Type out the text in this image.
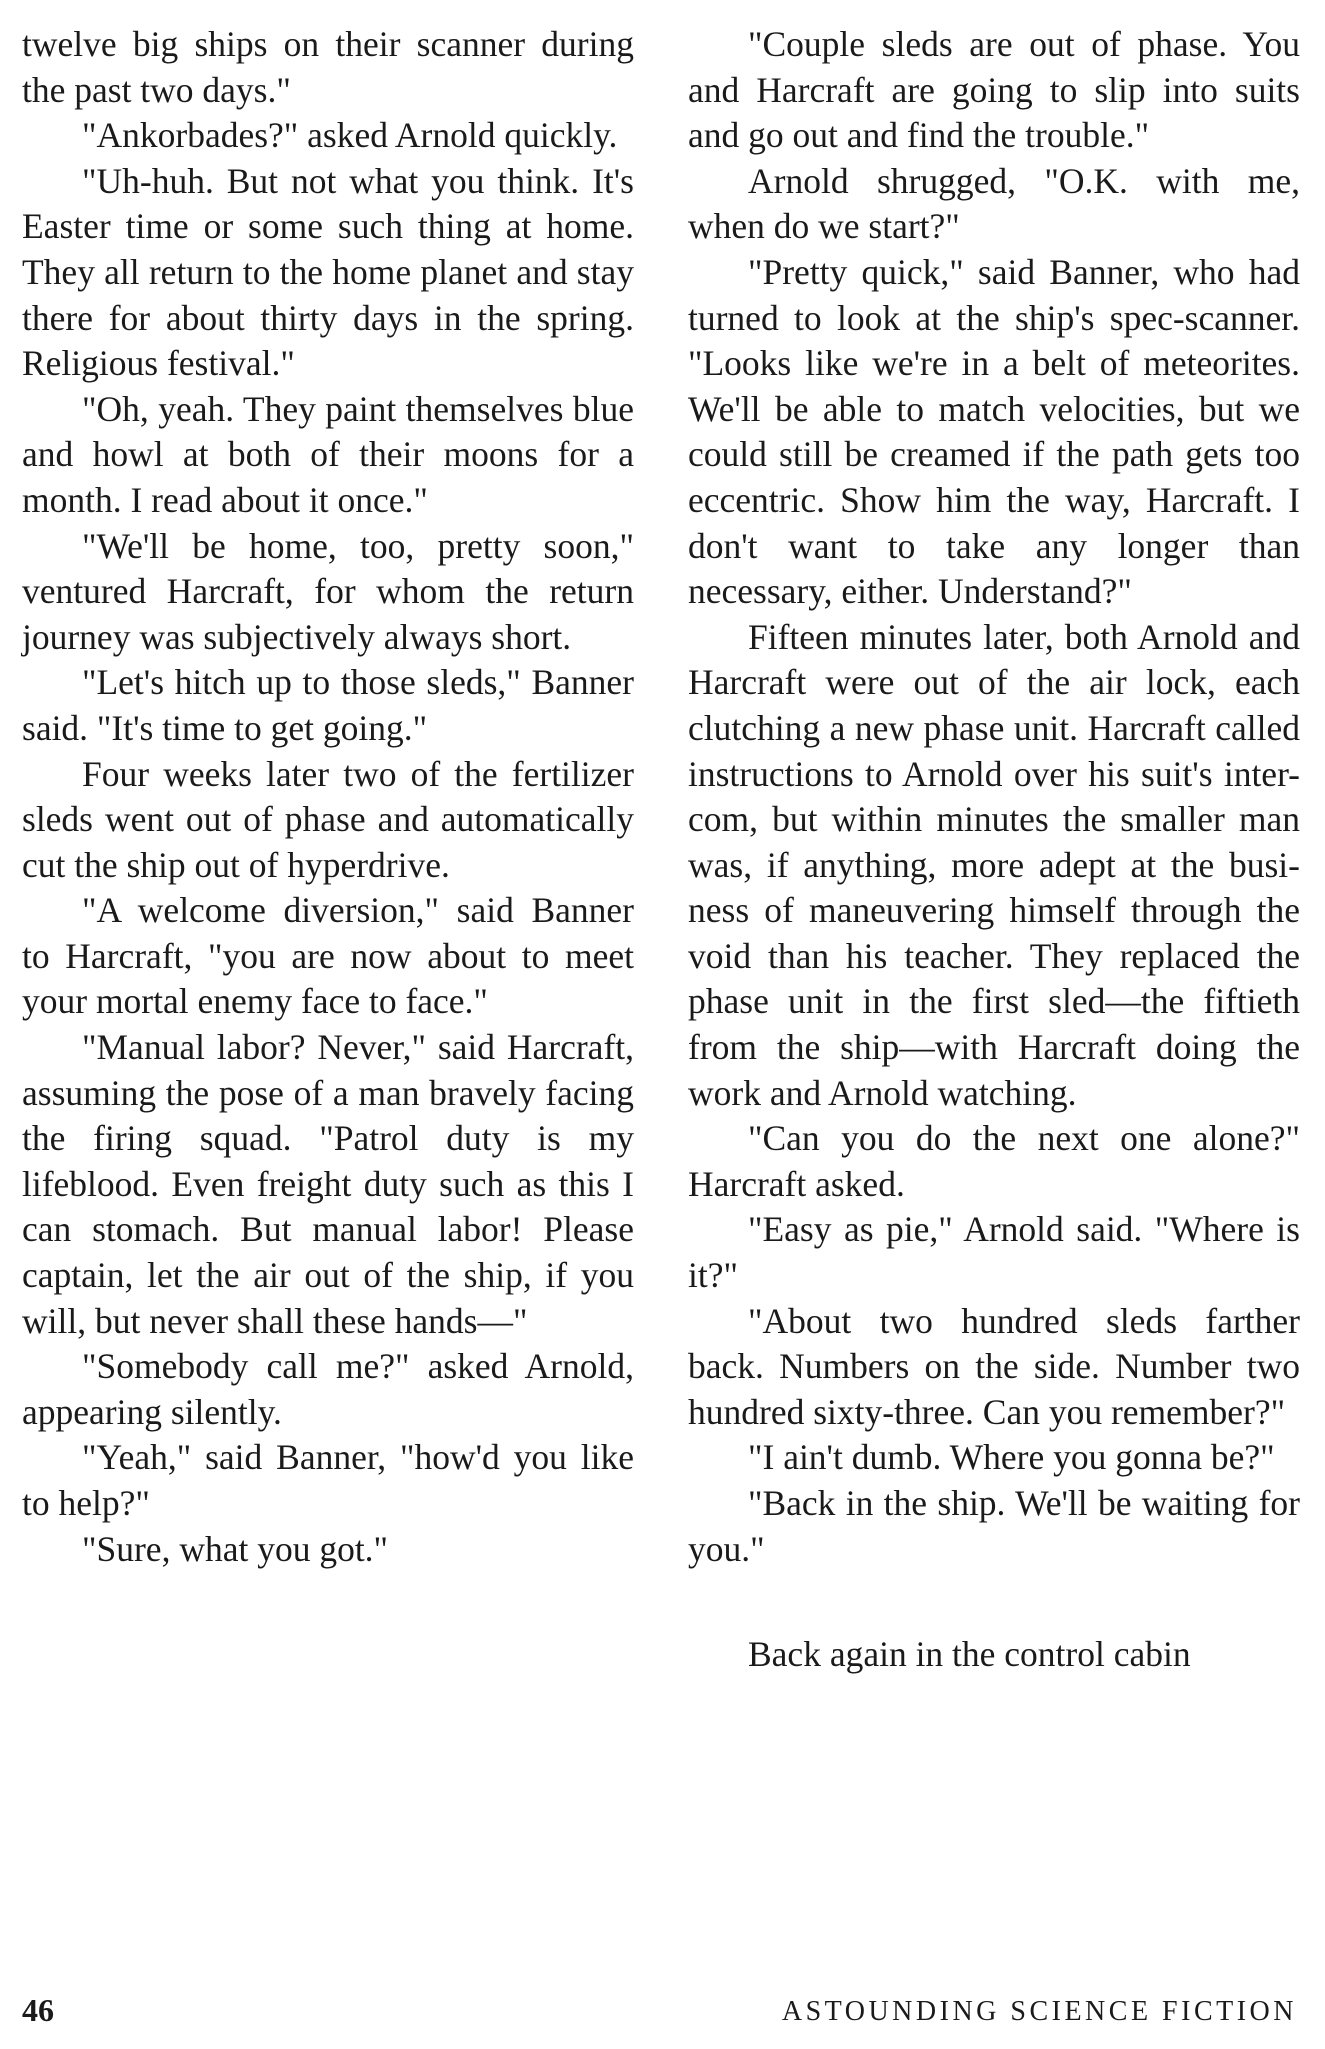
twelve big ships on their scanner during the past two days."

"Ankorbades?" asked Arnold quickly.

"Uh-huh. But not what you think. It's Easter time or some such thing at home. They all return to the home planet and stay there for about thirty days in the spring. Religious festival."

"Oh, yeah. They paint themselves blue and howl at both of their moons for a month. I read about it once."

"We'll be home, too, pretty soon," ventured Harcraft, for whom the return journey was subjectively always short.

"Let's hitch up to those sleds," Banner said. "It's time to get going."

Four weeks later two of the fertilizer sleds went out of phase and automatically cut the ship out of hyperdrive.

"A welcome diversion," said Banner to Harcraft, "you are now about to meet your mortal enemy face to face."

"Manual labor? Never," said Harcraft, assuming the pose of a man bravely facing the firing squad. "Patrol duty is my lifeblood. Even freight duty such as this I can stomach. But manual labor! Please captain, let the air out of the ship, if you will, but never shall these hands—"

"Somebody call me?" asked Arnold, appearing silently.

"Yeah," said Banner, "how'd you like to help?"

"Sure, what you got."

"Couple sleds are out of phase. You and Harcraft are going to slip into suits and go out and find the trouble."

Arnold shrugged, "O.K. with me, when do we start?"

"Pretty quick," said Banner, who had turned to look at the ship's spec-scanner. "Looks like we're in a belt of meteorites. We'll be able to match velocities, but we could still be creamed if the path gets too eccentric. Show him the way, Harcraft. I don't want to take any longer than necessary, either. Understand?"

Fifteen minutes later, both Arnold and Harcraft were out of the air lock, each clutching a new phase unit. Harcraft called instructions to Arnold over his suit's inter-com, but within minutes the smaller man was, if anything, more adept at the business of maneuvering himself through the void than his teacher. They replaced the phase unit in the first sled—the fiftieth from the ship—with Harcraft doing the work and Arnold watching.

"Can you do the next one alone?" Harcraft asked.

"Easy as pie," Arnold said. "Where is it?"

"About two hundred sleds farther back. Numbers on the side. Number two hundred sixty-three. Can you remember?"

"I ain't dumb. Where you gonna be?"

"Back in the ship. We'll be waiting for you."

Back again in the control cabin

46	ASTOUNDING SCIENCE FICTION
